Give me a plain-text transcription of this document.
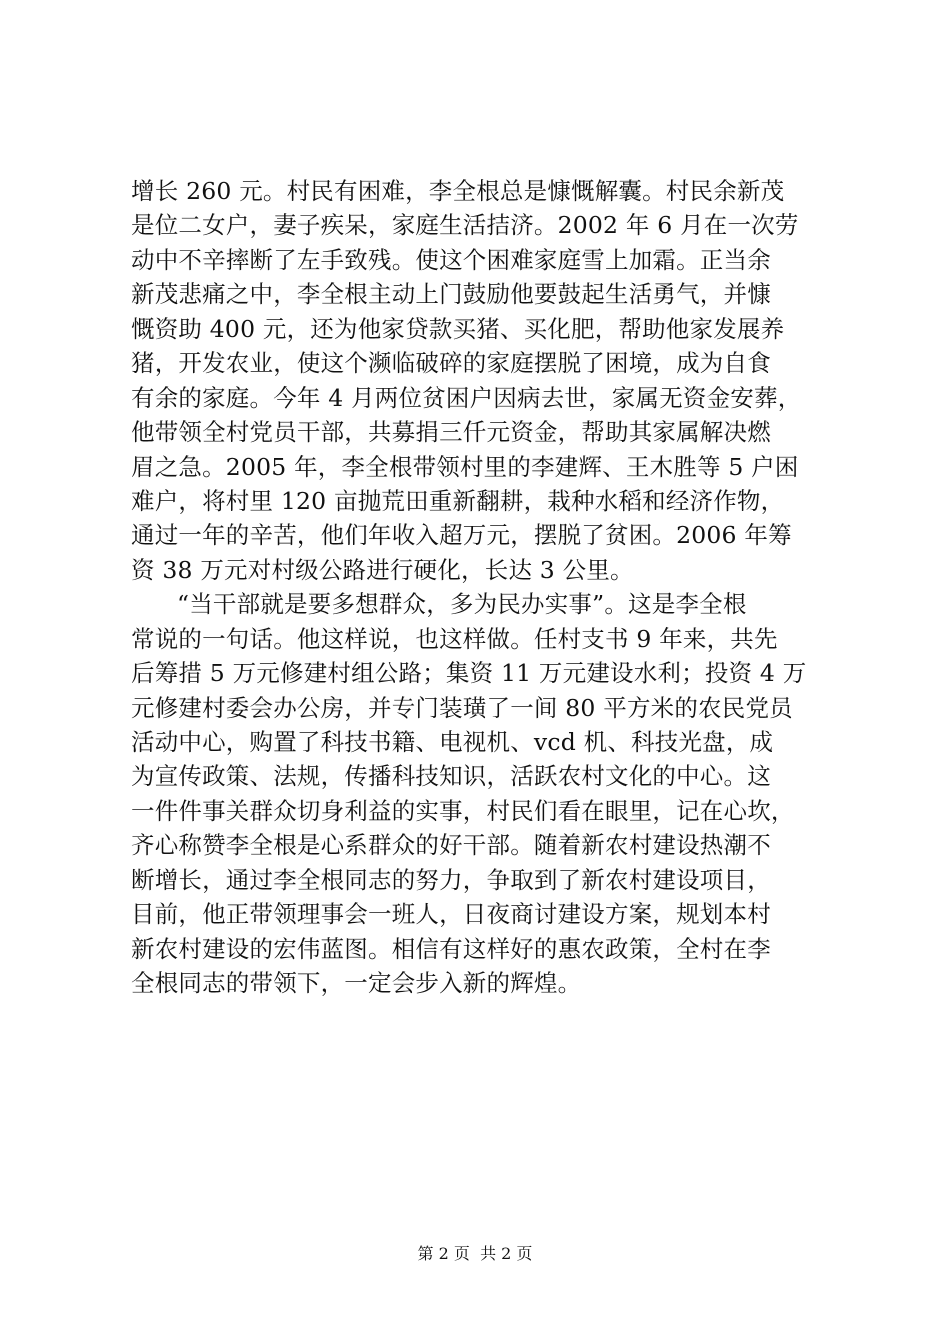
增长 260 元。村民有困难，李全根总是慷慨解囊。村民余新茂
是位二女户，妻子疾呆，家庭生活拮济。2002 年 6 月在一次劳
动中不辛摔断了左手致残。使这个困难家庭雪上加霜。正当余
新茂悲痛之中，李全根主动上门鼓励他要鼓起生活勇气，并慷
慨资助 400 元，还为他家贷款买猪、买化肥，帮助他家发展养
猪，开发农业，使这个濒临破碎的家庭摆脱了困境，成为自食
有余的家庭。今年 4 月两位贫困户因病去世，家属无资金安葬，
他带领全村党员干部，共募捐三仟元资金，帮助其家属解决燃
眉之急。2005 年，李全根带领村里的李建辉、王木胜等 5 户困
难户，将村里 120 亩抛荒田重新翻耕，栽种水稻和经济作物，
通过一年的辛苦，他们年收入超万元，摆脱了贫困。2006 年筹
资 38 万元对村级公路进行硬化，长达 3 公里。
“当干部就是要多想群众，多为民办实事”。这是李全根
常说的一句话。他这样说，也这样做。任村支书 9 年来，共先
后筹措 5 万元修建村组公路；集资 11 万元建设水利；投资 4 万
元修建村委会办公房，并专门装璜了一间 80 平方米的农民党员
活动中心，购置了科技书籍、电视机、vcd 机、科技光盘，成
为宣传政策、法规，传播科技知识，活跃农村文化的中心。这
一件件事关群众切身利益的实事，村民们看在眼里，记在心坎，
齐心称赞李全根是心系群众的好干部。随着新农村建设热潮不
断增长，通过李全根同志的努力，争取到了新农村建设项目，
目前，他正带领理事会一班人，日夜商讨建设方案，规划本村
新农村建设的宏伟蓝图。相信有这样好的惠农政策，全村在李
全根同志的带领下，一定会步入新的辉煌。
第 2 页  共 2 页
